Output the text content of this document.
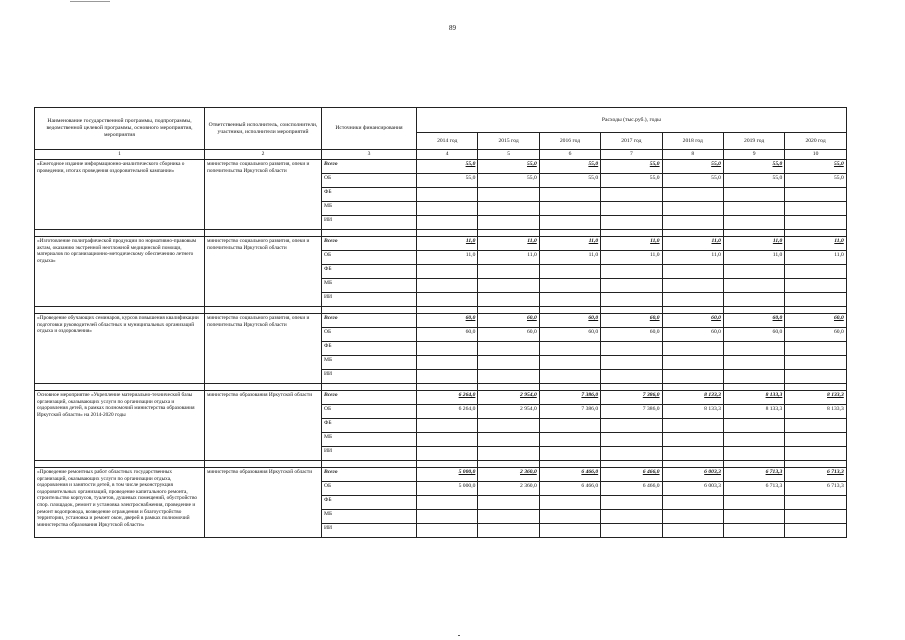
89
Наименование государственной программы, подпрограммы, ведомственной целевой программы, основного мероприятия, мероприятия	Ответственный исполнитель, соисполнители, участники, исполнители мероприятий	Источники финансирования	Расходы (тыс.руб.), годы						
			2014 год	2015 год	2016 год	2017 год	2018 год	2019 год	2020 год
1	2	3	4	5	6	7	8	9	10
«Ежегодное издание информационно-аналитического сборника о проведении, итогах проведения оздоровительной кампании»	министерство социального развития, опеки и попечительства Иркутской области	Всего	55,0	55,0	55,0	55,0	55,0	55,0	55,0
		ОБ	55,0	55,0	55,0	55,0	55,0	55,0	55,0
		ФБ							
		МБ							
		ИИ							

«Изготовление полиграфической продукции по нормативно-правовым актам, оказанию экстренной неотложной медицинской помощи, материалов по организационно-методическому обеспечению летнего отдыха»	министерство социального развития, опеки и попечительства Иркутской области	Всего	11,0	11,0	11,0	11,0	11,0	11,0	11,0
		ОБ	11,0	11,0	11,0	11,0	11,0	11,0	11,0
		ФБ							
		МБ							
		ИИ							

«Проведение обучающих семинаров, курсов повышения квалификации подготовки руководителей областных и муниципальных организаций отдыха и оздоровления»	министерство социального развития, опеки и попечительства Иркутской области	Всего	60,0	60,0	60,0	60,0	60,0	60,0	60,0
		ОБ	60,0	60,0	60,0	60,0	60,0	60,0	60,0
		ФБ							
		МБ							
		ИИ							

Основное мероприятие «Укрепление материально-технической базы организаций, оказывающих услуги по организации отдыха и оздоровления детей, в рамках полномочий министерства образования Иркутской области» на 2014-2020 годы	министерство образования Иркутской области	Всего	6 264,0	2 954,0	7 386,0	7 386,0	8 133,3	8 133,3	8 133,3
		ОБ	6 264,0	2 954,0	7 386,0	7 386,0	8 133,3	8 133,3	8 133,3
		ФБ							
		МБ							
		ИИ							

«Проведение ремонтных работ областных государственных организаций, оказывающих услуги по организации отдыха, оздоровления и занятости детей, в том числе реконструкция оздоровительных организаций, проведение капитального ремонта, строительство корпусов, туалетов, душевых помещений, обустройство спор. площадок, ремонт и установка электроснабжения, проведение и ремонт водопровода, возведение ограждения и благоустройство территории, установка и ремонт окон, дверей в рамках полномочий министерства образования Иркутской области»	министерство образования Иркутской области	Всего	5 000,0	2 360,0	6 466,0	6 466,0	6 003,3	6 713,3	6 713,3
		ОБ	5 000,0	2 360,0	6 466,0	6 466,0	6 003,3	6 713,3	6 713,3
		ФБ							
		МБ							
		ИИ							
